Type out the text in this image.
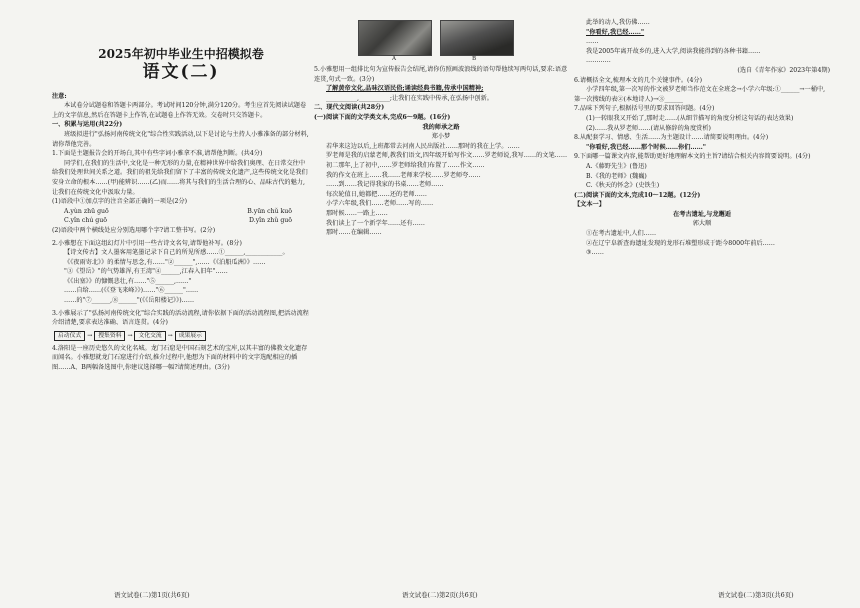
2025年初中毕业生中招模拟卷
语文(二)

注意:

本试卷分试题卷和答题卡两部分。考试时间120分钟,满分120分。考生应首先阅读试题卷上的文字信息,然后在答题卡上作答,在试题卷上作答无效。交卷时只交答题卡。

一、积累与运用(共22分)

班级拟进行"弘扬河南传统文化"综合性实践活动,以下是讨论与主持人小雅准备的部分材料,请你帮他完善。

1.下面是主题报告会的开场白,其中有些字词小雅拿不准,请帮他判断。(共4分)

同学们,在我们的生活中,文化是一种无形的力量,在精神世界中给我们奥理、在日常交往中给我们处理世间关系之道。我们的祖先给我们留下了丰富的传统文化遗产,这些传统文化是我们安身立命的根本……(甲)能辨识……(乙)而……将其与我们的生活合理的心、品味古代的魅力,让我们在传统文化中汲取力量。

(1)语段中①加点字的注音全部正确的一项是(2分)

A.yùn zhū guō	B.yūn chǔ kuō
C.yǐn chú guō	D.yǐn zhǔ guō

(2)语段中两个横线处应分别选用哪个字?请工整书写。(2分)

2.小雅想在下面这组幻灯片中引用一些古诗文名句,请帮他补写。(8分)

【诗文传古】文人墨客用笔墨记录下自己的所见所感……①______,____________。

《《夜雨寄北》》的柔情与思念,有……"②______",……《《泊船瓜洲》》……

"③《望岳》"的气势雄浑,有王湾"④______,江春入旧年"……

《《出塞》》的慷慨悲壮,有……"⑤______,……"

……自给……(《《登飞来峰》》)……"⑥______"……

……的"⑦______,⑧______"(《《岳阳楼记》》)……

3.小雅展示了"弘扬河南传统文化"综合实践的活动流程,请你依据下面的活动流程图,把活动流程介绍清楚,要求表达准确、语言连贯。(4分)

启动仪式	→	搜集资料	→	文化交流	→	成果展示

4.洛阳是一座历史悠久的文化名城。龙门石窟是中国石刻艺术的宝库,以其丰富的佛教文化遗存而闻名。小雅想就龙门石窟进行介绍,推介过程中,他想为下面的材料中的文字选配相应的插图……A、B两幅备选图中,你建议选择哪一幅?请简述理由。(3分)

A	B

5.小雅想用一组排比句为宣传报告会结尾,请你仿照画波浪线的语句帮他续写两句话,要求:语意连贯,句式一致。(3分)

了解黄帝文化,品味汉语民俗;诵读经典书籍,传承中国精神;

__________,__________;让我们在实践中传承,在弘扬中创新。

二、现代文阅读(共28分)

(一)阅读下面的文学类文本,完成6～9题。(16分)

我的师承之路

郑小梦

若华来这边以后,上班都常去河南人民出版社……那时的我在上学。……

罗老师是我的启蒙老师,教我们语文,四年级开始写作文……罗老师说,我写……的文笔……

初二那年,上了初中,……罗老师给我们布置了……作文……

我的作文在班上……我……老师来学校……罗老师夸……

……到……我记得我家的书桌……老师……

每次轮值日,她都把……还的老师……

小学六年级,我们……老师……写的……

那时候……一路上……

我们读上了一个新学年……还有……

那时……在编辑……

此举的动人,我仿佛……

"你看好,我已经……"

……

我是2005年离开故乡的,进入大学,阅读我能得到的各种书籍……

…………

(选自《青年作家》2023年第4期)

6.请概括全文,梳理本文的几个关键事件。(4分)

小学四年级,第一次写的作文被罗老师当作范文在全班念→小学六年级:①______→一桶中,第一次搜线的表②(本地诗人)→③______

7.品味下列句子,根据括号里的要求回答问题。(4分)

(1)一转眼我又开始了,那时走……(从细节描写的角度分析这句话的表达效果)

(2)……我从罗老师……(请从修辞的角度赏析)

8.从配套学习、情感、生活……为主题设计……请简要说明理由。(4分)

"你看好,我已经……那个时候……你们……"

9.下面哪一篇课文内容,能帮助更好地理解本文的主旨?请结合相关内容简要说明。(4分)

A.《藤野先生》(鲁迅)

B.《我的老师》(魏巍)

C.《秋天的怀念》(史铁生)

(二)阅读下面的文本,完成10～12题。(12分)

【文本一】

在考古遗址,与龙邂逅

郭大顺

①在考古遗址中,人们……

②在辽宁阜新查海遗址发现的龙形石堆塑形成于距今8000年前后……

③……

语文试卷(二)第1页(共6页)	语文试卷(二)第2页(共6页)	语文试卷(二)第3页(共6页)
